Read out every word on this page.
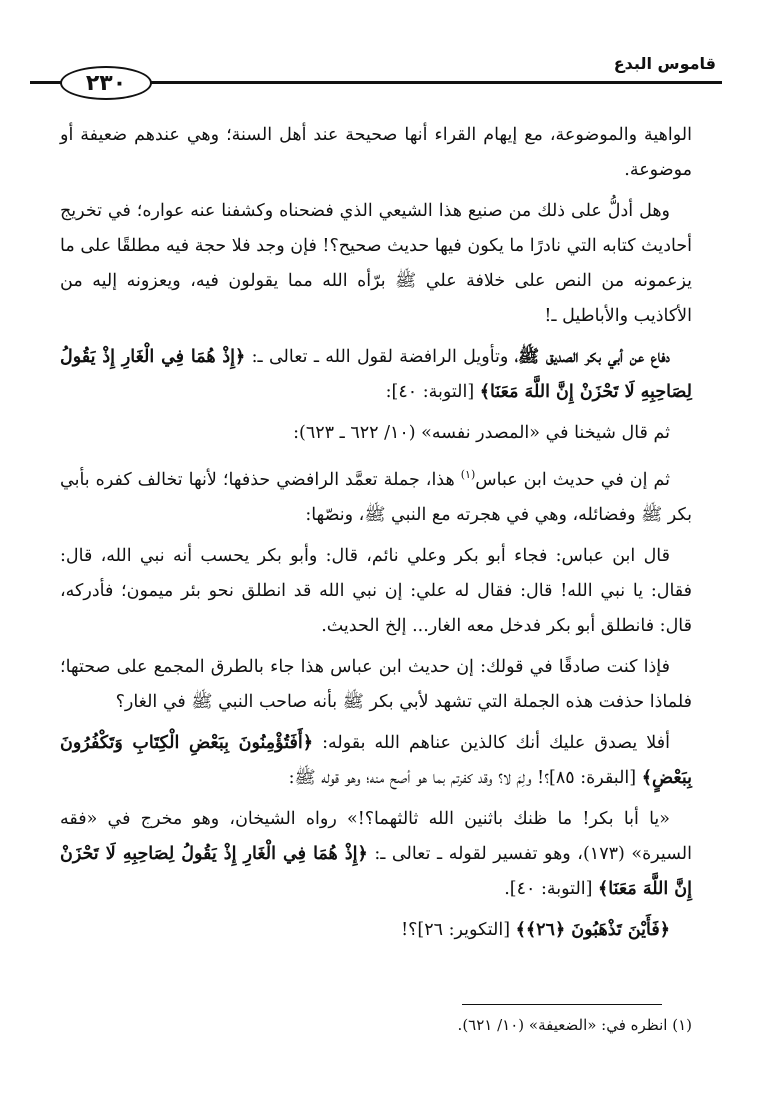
٢٣٠
قاموس البدع

الواهية والموضوعة، مع إيهام القراء أنها صحيحة عند أهل السنة؛ وهي عندهم ضعيفة أو موضوعة.

وهل أدلُّ على ذلك من صنيع هذا الشيعي الذي فضحناه وكشفنا عنه عواره؛ في تخريج أحاديث كتابه التي نادرًا ما يكون فيها حديث صحيح؟! فإن وجد فلا حجة فيه مطلقًا على ما يزعمونه من النص على خلافة علي ﷺ برّأه الله مما يقولون فيه، ويعزونه إليه من الأكاذيب والأباطيل ـ!

دفاع عن أبي بكر الصديق ﷺ، وتأويل الرافضة لقول الله ـ تعالى ـ: ﴿إِذْ هُمَا فِي الْغَارِ إِذْ يَقُولُ لِصَاحِبِهِ لَا تَحْزَنْ إِنَّ اللَّهَ مَعَنَا﴾ [التوبة: ٤٠]:

ثم قال شيخنا في «المصدر نفسه» (١٠/ ٦٢٢ ـ ٦٢٣):

ثم إن في حديث ابن عباس$^{(١)}$ هذا، جملة تعمَّد الرافضي حذفها؛ لأنها تخالف كفره بأبي بكر ﷺ وفضائله، وهي في هجرته مع النبي ﷺ، ونصّها:

قال ابن عباس: فجاء أبو بكر وعلي نائم، قال: وأبو بكر يحسب أنه نبي الله، قال: فقال: يا نبي الله! قال: فقال له علي: إن نبي الله قد انطلق نحو بئر ميمون؛ فأدركه، قال: فانطلق أبو بكر فدخل معه الغار... إلخ الحديث.

فإذا كنت صادقًا في قولك: إن حديث ابن عباس هذا جاء بالطرق المجمع على صحتها؛ فلماذا حذفت هذه الجملة التي تشهد لأبي بكر ﷺ بأنه صاحب النبي ﷺ في الغار؟

أفلا يصدق عليك أنك كالذين عناهم الله بقوله: ﴿أَفَتُؤْمِنُونَ بِبَعْضِ الْكِتَابِ وَتَكْفُرُونَ بِبَعْضٍ﴾ [البقرة: ٨٥]؟! ولِمَ لا؟ وقد كفرتم بما هو أصح منه؛ وهو قوله ﷺ:

«يا أبا بكر! ما ظنك باثنين الله ثالثهما؟!» رواه الشيخان، وهو مخرج في «فقه السيرة» (١٧٣)، وهو تفسير لقوله ـ تعالى ـ: ﴿إِذْ هُمَا فِي الْغَارِ إِذْ يَقُولُ لِصَاحِبِهِ لَا تَحْزَنْ إِنَّ اللَّهَ مَعَنَا﴾ [التوبة: ٤٠].

﴿فَأَيْنَ تَذْهَبُونَ ﴿٢٦﴾﴾ [التكوير: ٢٦]؟!

(١) انظره في: «الضعيفة» (١٠/ ٦٢١).
